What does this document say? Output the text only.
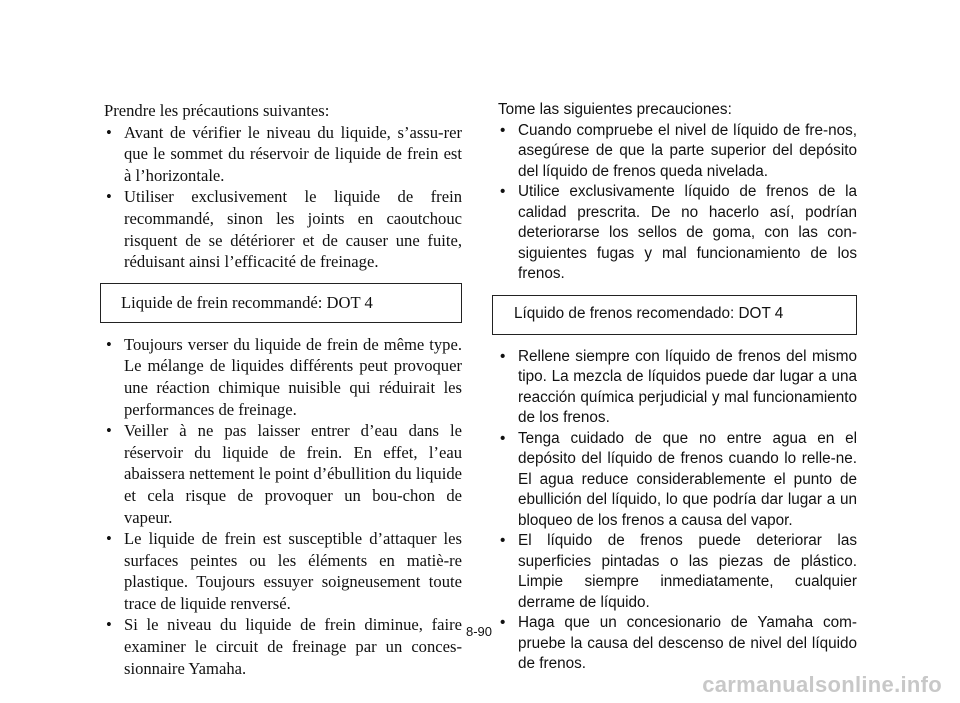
Prendre les précautions suivantes:

• Avant de vérifier le niveau du liquide, s’assu-rer que le sommet du réservoir de liquide de frein est à l’horizontale.
• Utiliser exclusivement le liquide de frein recommandé, sinon les joints en caoutchouc risquent de se détériorer et de causer une fuite, réduisant ainsi l’efficacité de freinage.
Liquide de frein recommandé: DOT 4
• Toujours verser du liquide de frein de même type. Le mélange de liquides différents peut provoquer une réaction chimique nuisible qui réduirait les performances de freinage.
• Veiller à ne pas laisser entrer d’eau dans le réservoir du liquide de frein. En effet, l’eau abaissera nettement le point d’ébullition du liquide et cela risque de provoquer un bou-chon de vapeur.
• Le liquide de frein est susceptible d’attaquer les surfaces peintes ou les éléments en matiè-re plastique. Toujours essuyer soigneusement toute trace de liquide renversé.
• Si le niveau du liquide de frein diminue, faire examiner le circuit de freinage par un conces-sionnaire Yamaha.

Tome las siguientes precauciones:

• Cuando compruebe el nivel de líquido de fre-nos, asegúrese de que la parte superior del depósito del líquido de frenos queda nivelada.
• Utilice exclusivamente líquido de frenos de la calidad prescrita. De no hacerlo así, podrían deteriorarse los sellos de goma, con las con-siguientes fugas y mal funcionamiento de los frenos.
Líquido de frenos recomendado: DOT 4
• Rellene siempre con líquido de frenos del mismo tipo. La mezcla de líquidos puede dar lugar a una reacción química perjudicial y mal funcionamiento de los frenos.
• Tenga cuidado de que no entre agua en el depósito del líquido de frenos cuando lo relle-ne. El agua reduce considerablemente el punto de ebullición del líquido, lo que podría dar lugar a un bloqueo de los frenos a causa del vapor.
• El líquido de frenos puede deteriorar las superficies pintadas o las piezas de plástico. Limpie siempre inmediatamente, cualquier derrame de líquido.
• Haga que un concesionario de Yamaha com-pruebe la causa del descenso de nivel del líquido de frenos.
8-90
carmanualsonline.info
